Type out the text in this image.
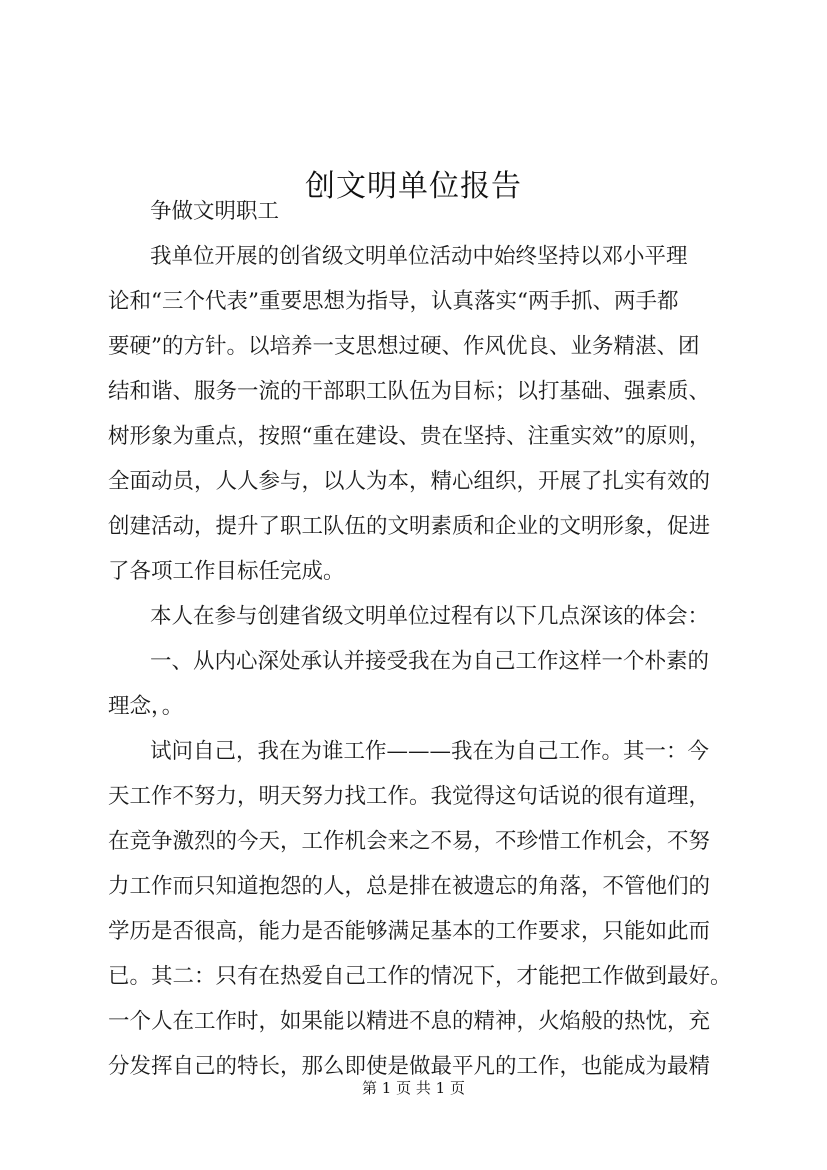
创文明单位报告
争做文明职工
我单位开展的创省级文明单位活动中始终坚持以邓小平理
论和“三个代表”重要思想为指导，认真落实“两手抓、两手都
要硬”的方针。以培养一支思想过硬、作风优良、业务精湛、团
结和谐、服务一流的干部职工队伍为目标；以打基础、强素质、
树形象为重点，按照“重在建设、贵在坚持、注重实效”的原则，
全面动员，人人参与，以人为本，精心组织，开展了扎实有效的
创建活动，提升了职工队伍的文明素质和企业的文明形象，促进
了各项工作目标任完成。
本人在参与创建省级文明单位过程有以下几点深该的体会：
一、从内心深处承认并接受我在为自己工作这样一个朴素的
理念，。
试问自己，我在为谁工作———我在为自己工作。其一：今
天工作不努力，明天努力找工作。我觉得这句话说的很有道理，
在竞争激烈的今天，工作机会来之不易，不珍惜工作机会，不努
力工作而只知道抱怨的人，总是排在被遗忘的角落，不管他们的
学历是否很高，能力是否能够满足基本的工作要求，只能如此而
已。其二：只有在热爱自己工作的情况下，才能把工作做到最好。
一个人在工作时，如果能以精进不息的精神，火焰般的热忱，充
分发挥自己的特长，那么即使是做最平凡的工作，也能成为最精
第 1 页 共 1 页
